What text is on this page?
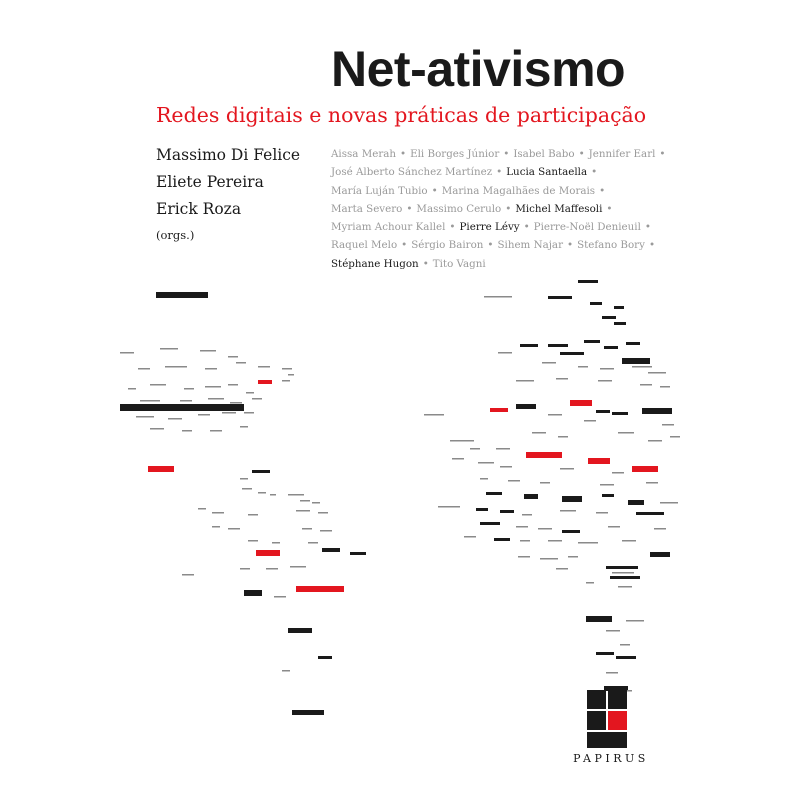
Net-ativismo
Redes digitais e novas práticas de participação
Massimo Di Felice
Eliete Pereira
Erick Roza
(orgs.)
Aissa Merah • Eli Borges Júnior • Isabel Babo • Jennifer Earl •
José Alberto Sánchez Martínez • Lucia Santaella •
María Luján Tubio • Marina Magalhães de Morais •
Marta Severo • Massimo Cerulo • Michel Maffesoli •
Myriam Achour Kallel • Pierre Lévy • Pierre-Noël Denieuil •
Raquel Melo • Sérgio Bairon • Sihem Najar • Stefano Bory •
Stéphane Hugon • Tito Vagni
PAPIRUS
